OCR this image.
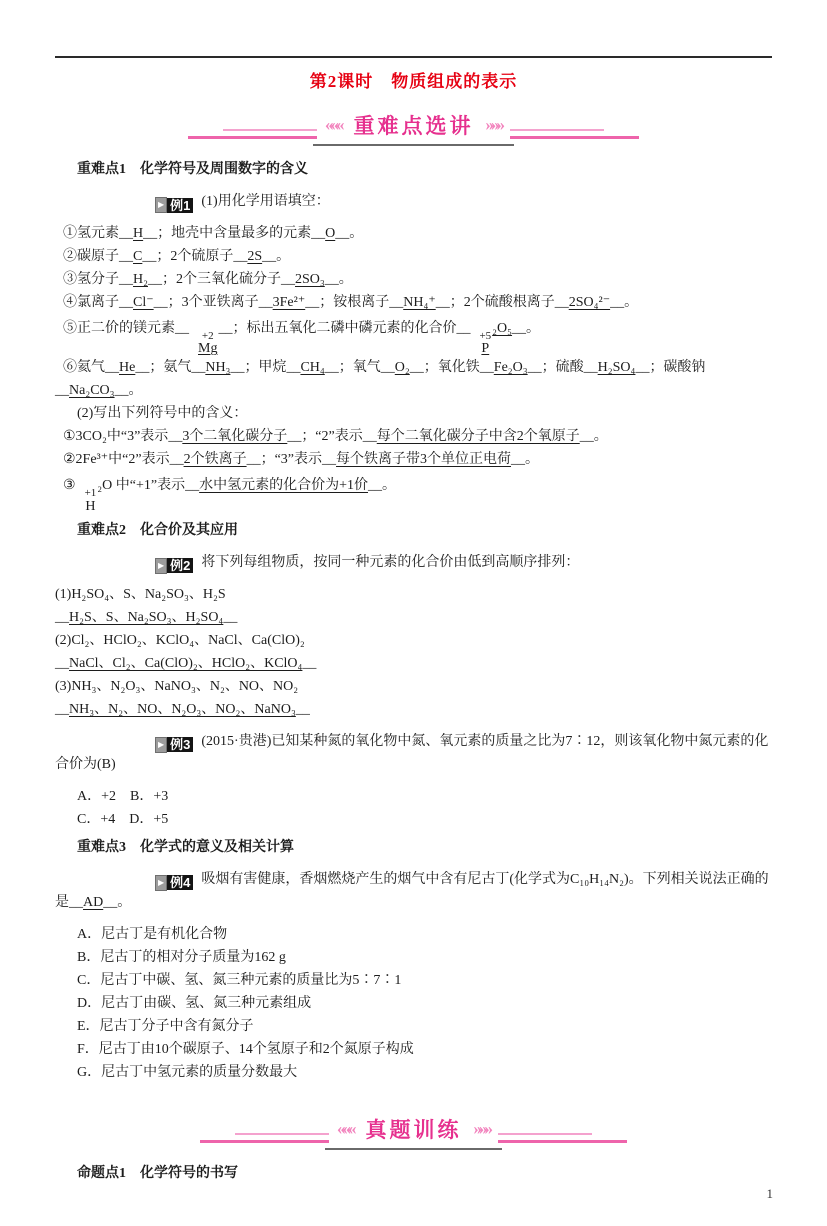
第2课时　物质组成的表示
««« 重难点选讲 »»»

重难点1　化学符号及周围数字的含义

▶ 例1 (1)用化学用语填空：

①氢元素__H__；地壳中含量最多的元素__O__。

②碳原子__C__；2个硫原子__2S__。

③氢分子__H₂__；2个三氧化硫分子__2SO₃__。

④氯离子__Cl⁻__；3个亚铁离子__3Fe²⁺__；铵根离子__NH₄⁺__；2个硫酸根离子__2SO₄²⁻__。

⑤正二价的镁元素__	+2
Mg
__；标出五氧化二磷中磷元素的化合价__ +5
P
₂O₅__。

⑥氦气__He__；氨气__NH₃__；甲烷__CH₄__；氧气__O₂__；氧化铁__Fe₂O₃__；硫酸__H₂SO₄__；碳酸钠__Na₂CO₃__。

(2)写出下列符号中的含义：

①3CO₂中“3”表示__3个二氧化碳分子__；“2”表示__每个二氧化碳分子中含2个氧原子__。

②2Fe³⁺中“2”表示__2个铁离子__；“3”表示__每个铁离子带3个单位正电荷__。

③ +1
H
₂O 中“+1”表示__水中氢元素的化合价为+1价__。

重难点2　化合价及其应用

▶ 例2 将下列每组物质，按同一种元素的化合价由低到高顺序排列：

(1)H₂SO₄、S、Na₂SO₃、H₂S

__H₂S、S、Na₂SO₃、H₂SO₄__

(2)Cl₂、HClO₂、KClO₄、NaCl、Ca(ClO)₂

__NaCl、Cl₂、Ca(ClO)₂、HClO₂、KClO₄__

(3)NH₃、N₂O₃、NaNO₃、N₂、NO、NO₂

__NH₃、N₂、NO、N₂O₃、NO₂、NaNO₃__

▶ 例3 (2015·贵港)已知某种氮的氧化物中氮、氧元素的质量之比为7∶12，则该氧化物中氮元素的化合价为(B)

A．+2　B．+3

C．+4　D．+5

重难点3　化学式的意义及相关计算

▶ 例4 吸烟有害健康，香烟燃烧产生的烟气中含有尼古丁(化学式为C₁₀H₁₄N₂)。下列相关说法正确的是__AD__。

A．尼古丁是有机化合物

B．尼古丁的相对分子质量为162 g

C．尼古丁中碳、氢、氮三种元素的质量比为5∶7∶1

D．尼古丁由碳、氢、氮三种元素组成

E．尼古丁分子中含有氮分子

F．尼古丁由10个碳原子、14个氢原子和2个氮原子构成

G．尼古丁中氢元素的质量分数最大

««« 真题训练 »»»

命题点1　化学符号的书写

1
